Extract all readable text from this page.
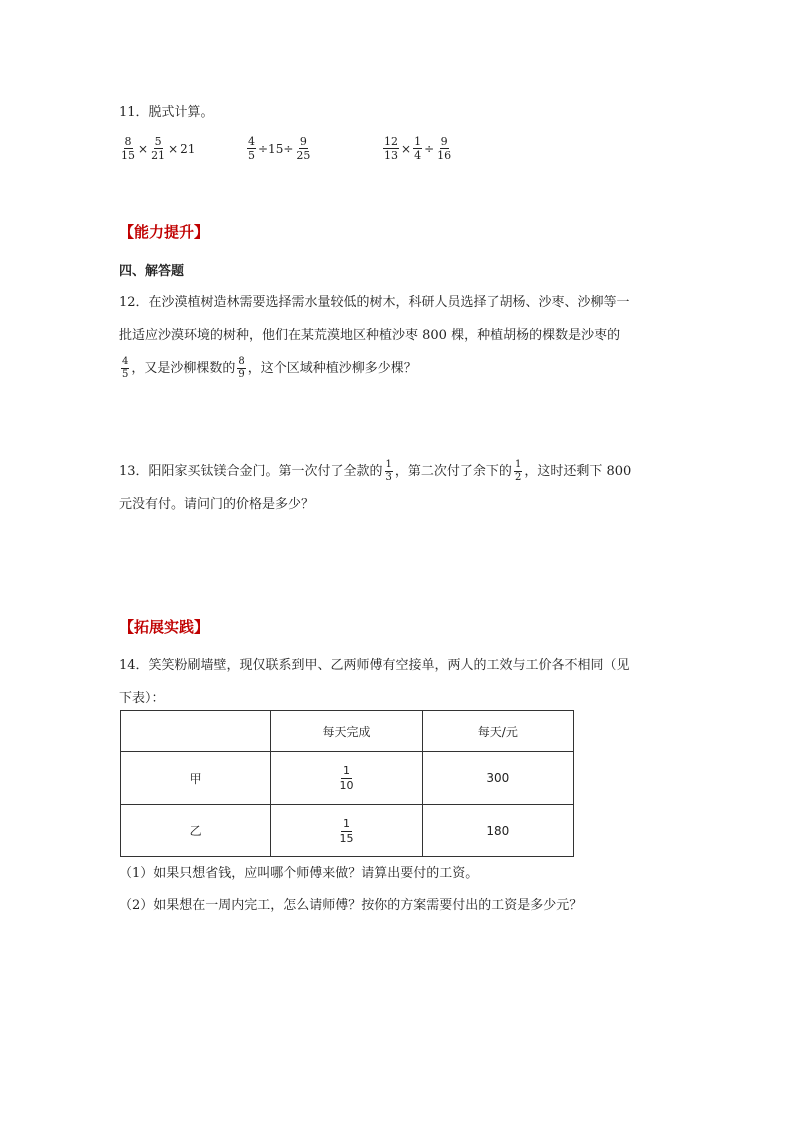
11．脱式计算。
$\frac{8}{15} \times \frac{5}{21} \times 21$	$\frac{4}{5} \div 15\div \frac{9}{25}$	$\frac{12}{13} \times \frac{1}{4} \div \frac{9}{16}$
【能力提升】
四、解答题
12．在沙漠植树造林需要选择需水量较低的树木，科研人员选择了胡杨、沙枣、沙柳等一
批适应沙漠环境的树种，他们在某荒漠地区种植沙枣 800 棵，种植胡杨的棵数是沙枣的
$\frac{4}{5}$ ，又是沙柳棵数的 $\frac{8}{9}$ ，这个区域种植沙柳多少棵？
13．阳阳家买钛镁合金门。第一次付了全款的 $\frac{1}{3}$ ，第二次付了余下的 $\frac{1}{2}$ ，这时还剩下 800
元没有付。请问门的价格是多少？
【拓展实践】
14．笑笑粉刷墙壁，现仅联系到甲、乙两师傅有空接单，两人的工效与工价各不相同（见
下表）：
	每天完成	每天/元
甲	$\frac{1}{10}$	300
乙	$\frac{1}{15}$	180
（1）如果只想省钱，应叫哪个师傅来做？请算出要付的工资。
（2）如果想在一周内完工，怎么请师傅？按你的方案需要付出的工资是多少元？
